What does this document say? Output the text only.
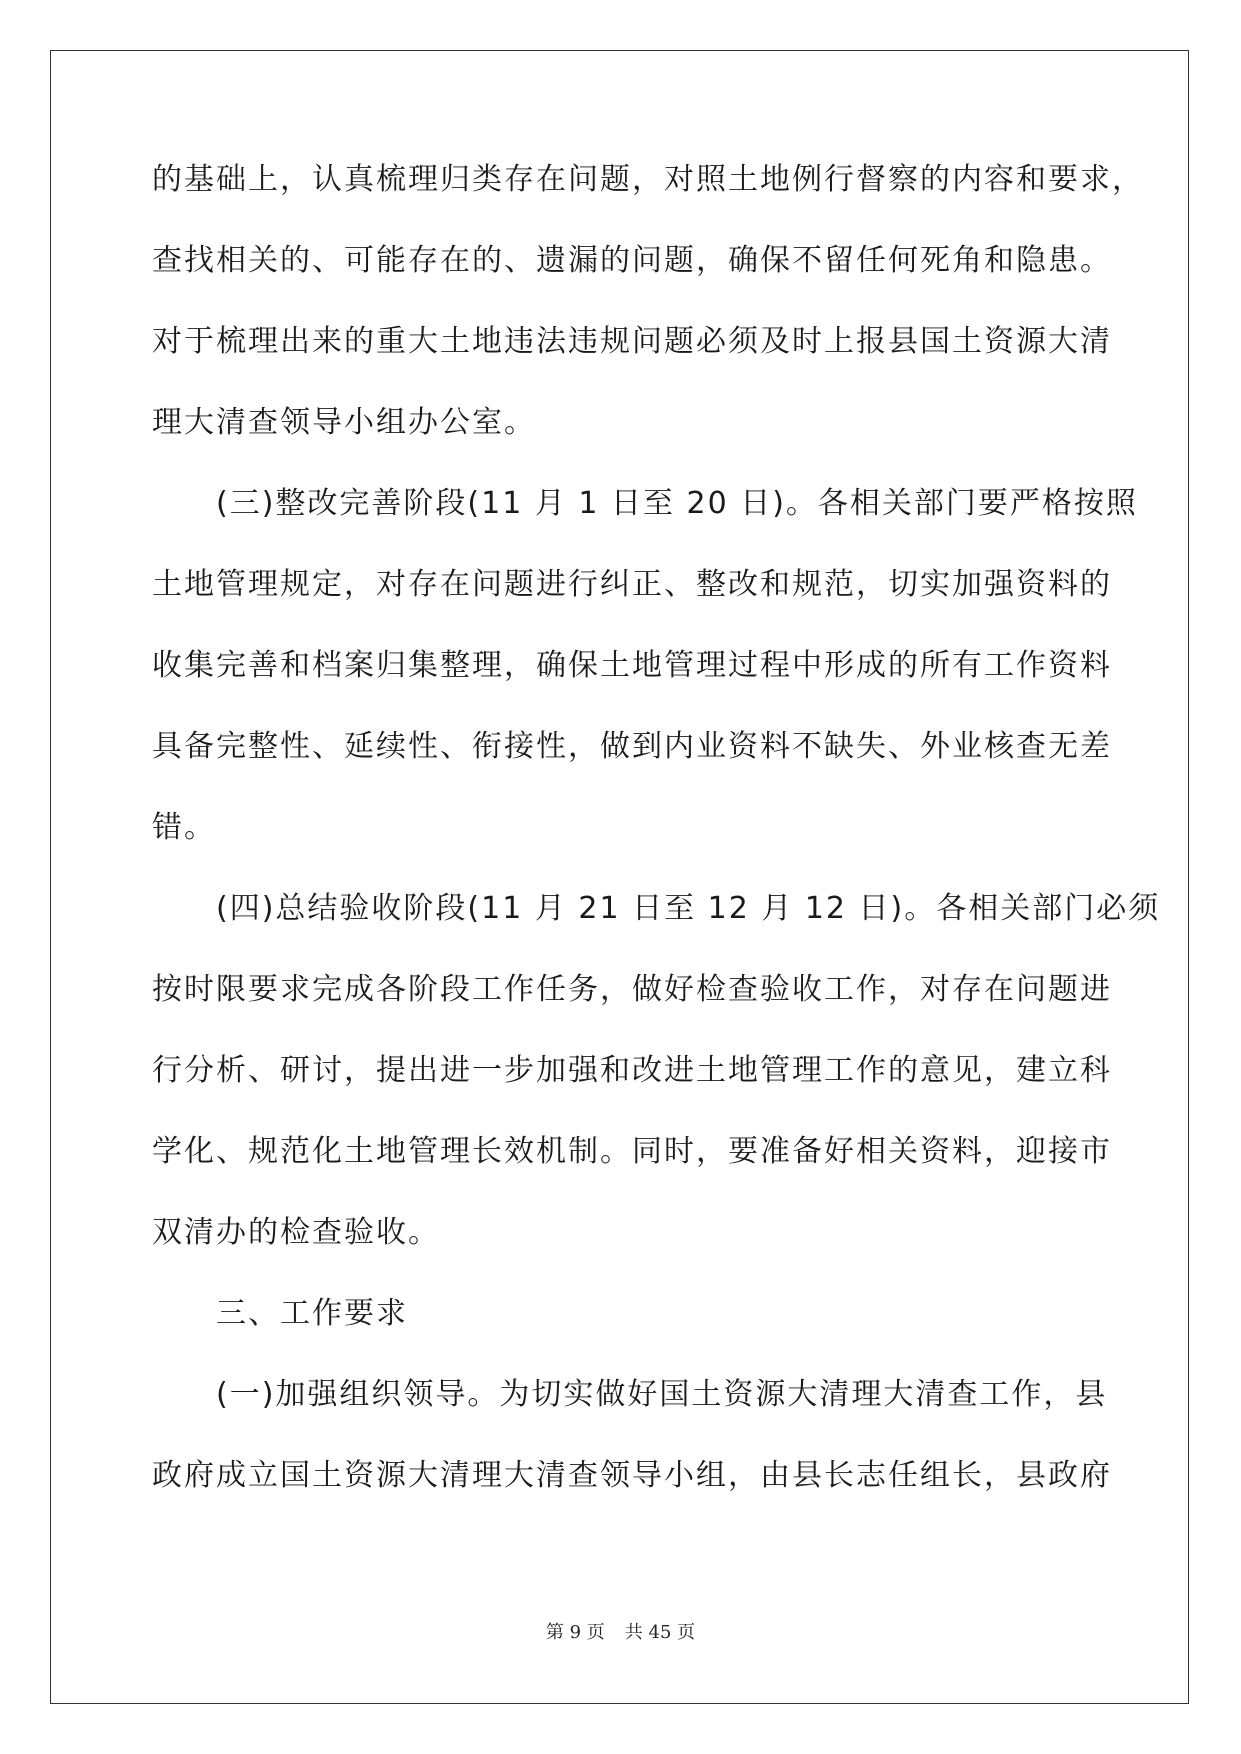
的基础上，认真梳理归类存在问题，对照土地例行督察的内容和要求，
查找相关的、可能存在的、遗漏的问题，确保不留任何死角和隐患。
对于梳理出来的重大土地违法违规问题必须及时上报县国土资源大清
理大清查领导小组办公室。
(三)整改完善阶段(11 月 1 日至 20 日)。各相关部门要严格按照
土地管理规定，对存在问题进行纠正、整改和规范，切实加强资料的
收集完善和档案归集整理，确保土地管理过程中形成的所有工作资料
具备完整性、延续性、衔接性，做到内业资料不缺失、外业核查无差
错。
(四)总结验收阶段(11 月 21 日至 12 月 12 日)。各相关部门必须
按时限要求完成各阶段工作任务，做好检查验收工作，对存在问题进
行分析、研讨，提出进一步加强和改进土地管理工作的意见，建立科
学化、规范化土地管理长效机制。同时，要准备好相关资料，迎接市
双清办的检查验收。
三、工作要求
(一)加强组织领导。为切实做好国土资源大清理大清查工作，县
政府成立国土资源大清理大清查领导小组，由县长志任组长，县政府
第 9 页 共 45 页
